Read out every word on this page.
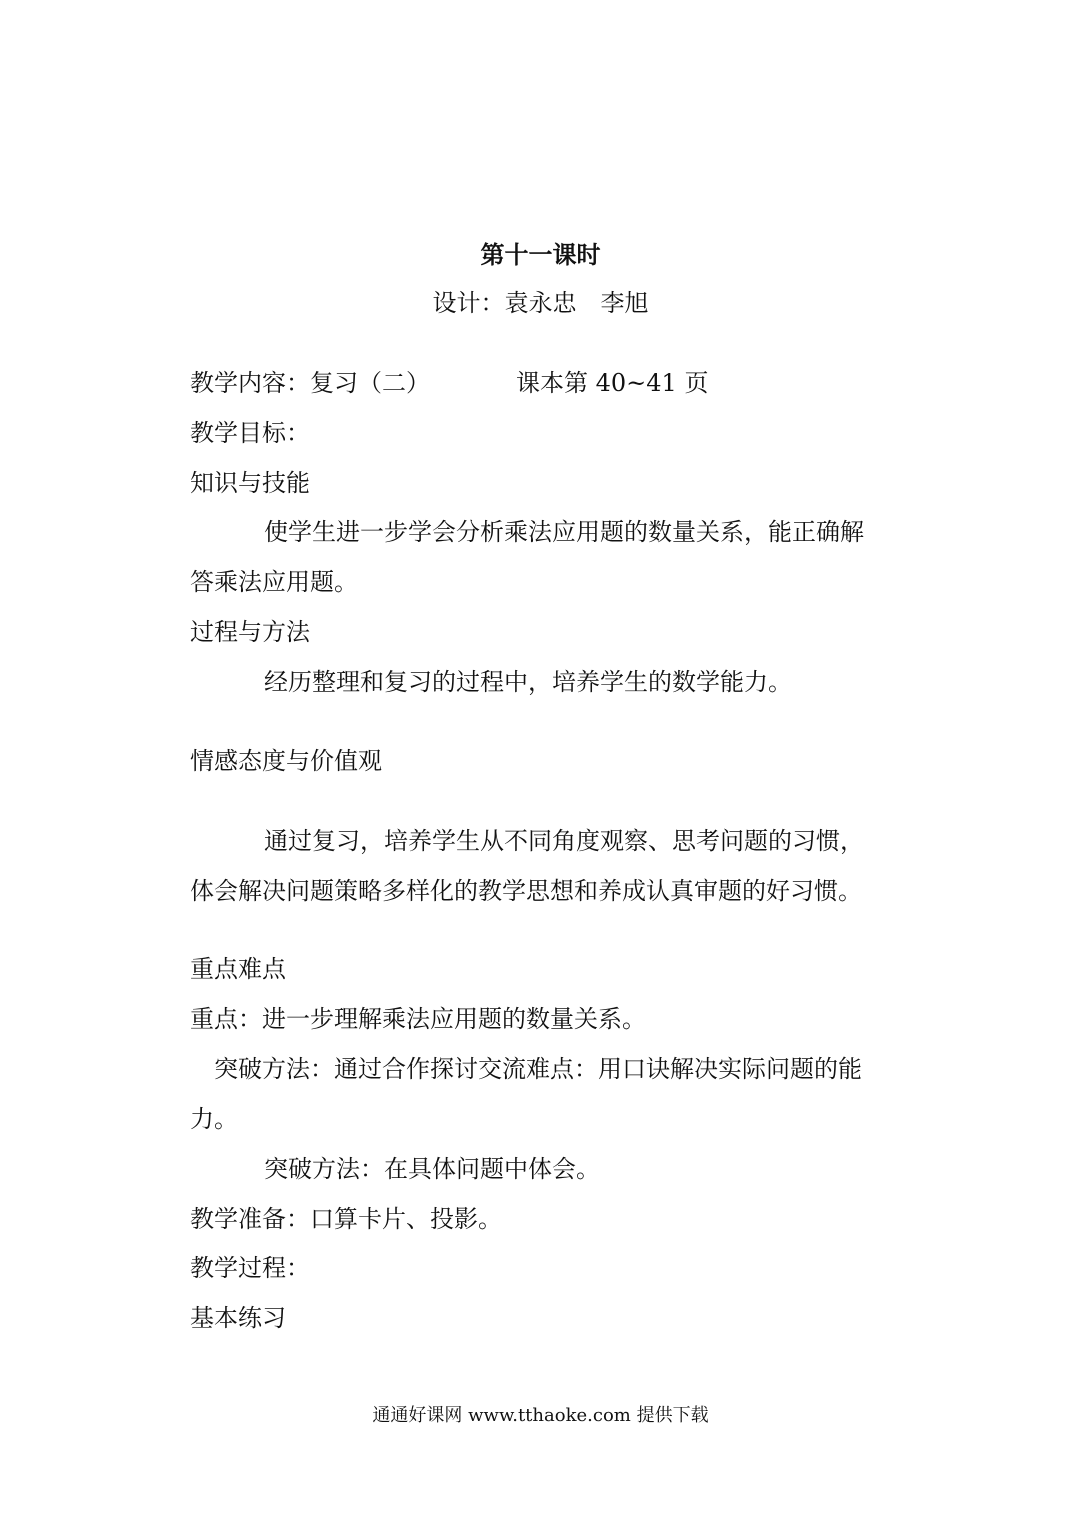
第十一课时
设计：袁永忠　李旭
教学内容：复习（二）	课本第 40~41 页
教学目标：
知识与技能
使学生进一步学会分析乘法应用题的数量关系，能正确解
答乘法应用题。
过程与方法
经历整理和复习的过程中，培养学生的数学能力。
情感态度与价值观
通过复习，培养学生从不同角度观察、思考问题的习惯，
体会解决问题策略多样化的教学思想和养成认真审题的好习惯。
重点难点
重点：进一步理解乘法应用题的数量关系。
突破方法：通过合作探讨交流难点：用口诀解决实际问题的能
力。
突破方法：在具体问题中体会。
教学准备：口算卡片、投影。
教学过程：
基本练习
通通好课网 www.tthaoke.com 提供下载
